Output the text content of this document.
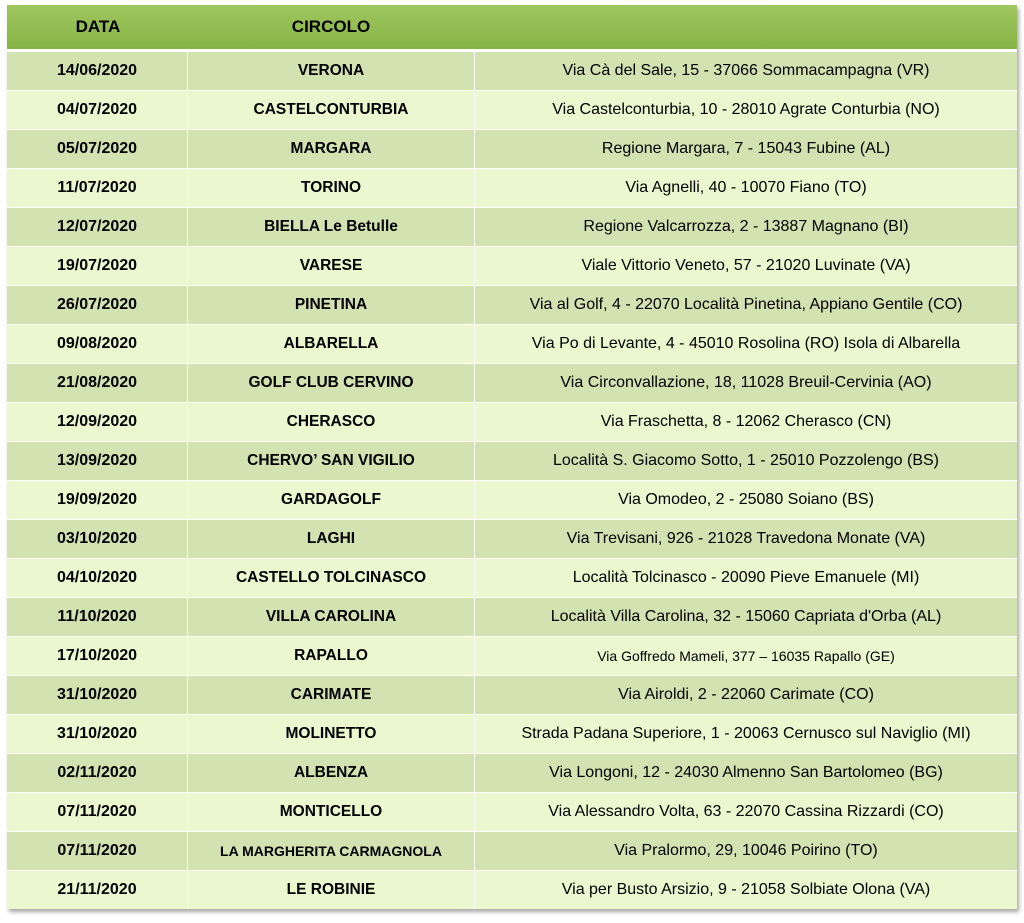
DATA	CIRCOLO
14/06/2020	VERONA	Via Cà del Sale, 15 - 37066 Sommacampagna (VR)
04/07/2020	CASTELCONTURBIA	Via Castelconturbia, 10 - 28010 Agrate Conturbia (NO)
05/07/2020	MARGARA	Regione Margara, 7 - 15043 Fubine (AL)
11/07/2020	TORINO	Via Agnelli, 40 - 10070 Fiano (TO)
12/07/2020	BIELLA Le Betulle	Regione Valcarrozza, 2 - 13887 Magnano (BI)
19/07/2020	VARESE	Viale Vittorio Veneto, 57 - 21020 Luvinate (VA)
26/07/2020	PINETINA	Via al Golf, 4 - 22070 Località Pinetina, Appiano Gentile (CO)
09/08/2020	ALBARELLA	Via Po di Levante, 4 - 45010 Rosolina (RO) Isola di Albarella
21/08/2020	GOLF CLUB CERVINO	Via Circonvallazione, 18, 11028 Breuil-Cervinia (AO)
12/09/2020	CHERASCO	Via Fraschetta, 8 - 12062 Cherasco (CN)
13/09/2020	CHERVO’ SAN VIGILIO	Località S. Giacomo Sotto, 1 - 25010 Pozzolengo (BS)
19/09/2020	GARDAGOLF	Via Omodeo, 2 - 25080 Soiano (BS)
03/10/2020	LAGHI	Via Trevisani, 926 - 21028 Travedona Monate (VA)
04/10/2020	CASTELLO TOLCINASCO	Località Tolcinasco - 20090 Pieve Emanuele (MI)
11/10/2020	VILLA CAROLINA	Località Villa Carolina, 32 - 15060 Capriata d'Orba (AL)
17/10/2020	RAPALLO	Via Goffredo Mameli, 377 – 16035 Rapallo (GE)
31/10/2020	CARIMATE	Via Airoldi, 2 - 22060 Carimate (CO)
31/10/2020	MOLINETTO	Strada Padana Superiore, 1 - 20063 Cernusco sul Naviglio (MI)
02/11/2020	ALBENZA	Via Longoni, 12 - 24030 Almenno San Bartolomeo (BG)
07/11/2020	MONTICELLO	Via Alessandro Volta, 63 - 22070 Cassina Rizzardi (CO)
07/11/2020	LA MARGHERITA CARMAGNOLA	Via Pralormo, 29, 10046 Poirino (TO)
21/11/2020	LE ROBINIE	Via per Busto Arsizio, 9 - 21058 Solbiate Olona (VA)
